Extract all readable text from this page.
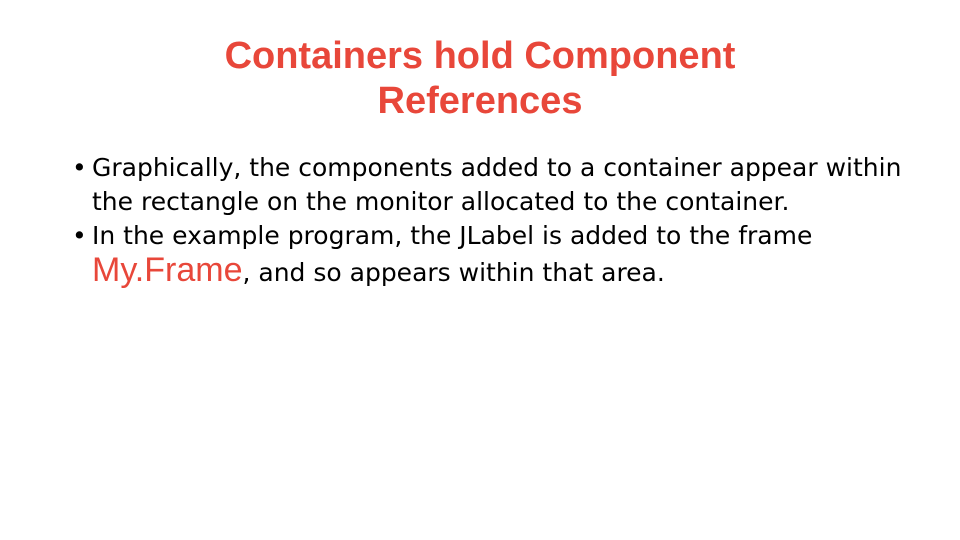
Containers hold Component References
• Graphically, the components added to a container appear within the rectangle on the monitor allocated to the container.
• In the example program, the JLabel is added to the frame My.Frame, and so appears within that area.
